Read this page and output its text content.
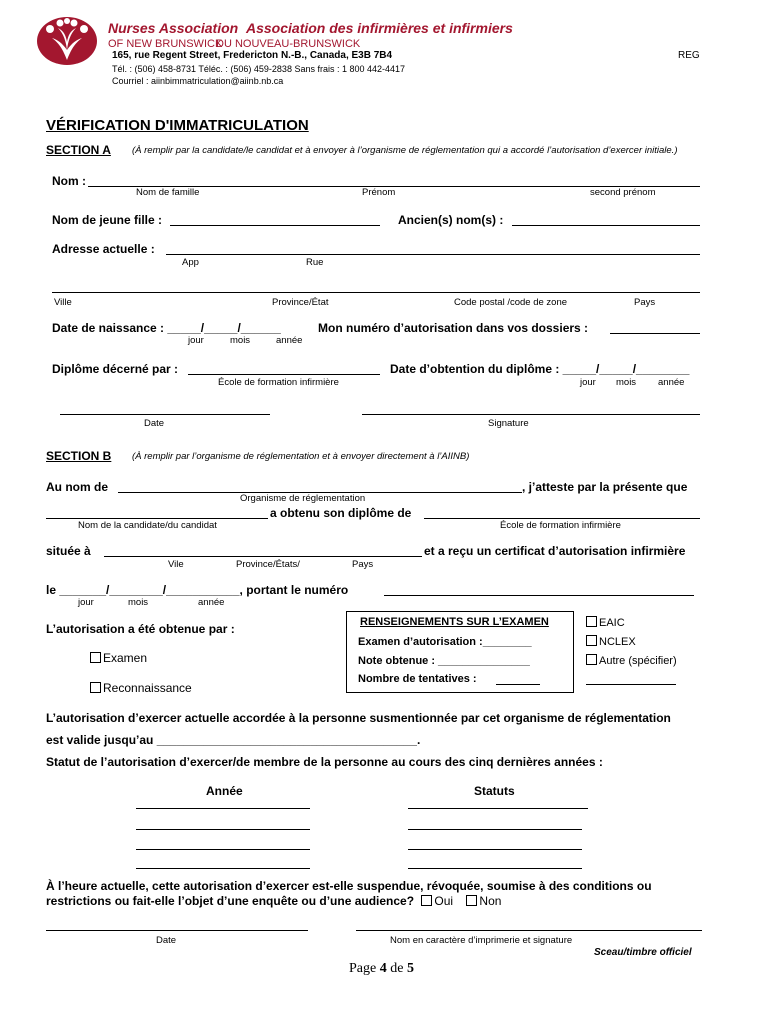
Nurses Association Association des infirmières et infirmiers
OF NEW BRUNSWICK
DU NOUVEAU-BRUNSWICK
165, rue Regent Street, Fredericton N.-B., Canada, E3B 7B4
Tél. : (506) 458-8731 Téléc. : (506) 459-2838 Sans frais : 1 800 442-4417
Courriel : aiinbimmatriculation@aiinb.nb.ca
REG
VÉRIFICATION D'IMMATRICULATION
SECTION A (À remplir par la candidate/le candidat et à envoyer à l’organisme de réglementation qui a accordé l’autorisation d’exercer initiale.)
Nom :
Nom de famille	Prénom	second prénom
Nom de jeune fille :	Ancien(s) nom(s) :
Adresse actuelle :
App	Rue
Ville	Province/État	Code postal /code de zone	Pays
Date de naissance : _____/_____/______
jour	mois	année
Mon numéro d’autorisation dans vos dossiers :
Diplôme décerné par :
École de formation infirmière
Date d’obtention du diplôme : _____/_____/________
jour mois année
Date	Signature
SECTION B (À remplir par l’organisme de réglementation et à envoyer directement à l’AIINB)
Au nom de	, j’atteste par la présente que
Organisme de réglementation
a obtenu son diplôme de
Nom de la candidate/du candidat	École de formation infirmière
située à	et a reçu un certificat d’autorisation infirmière
Vile	Province/États/	Pays
le _______/________/___________, portant le numéro
jour	mois	année
L’autorisation a été obtenue par :
Examen
Reconnaissance
RENSEIGNEMENTS SUR L’EXAMEN
Examen d’autorisation :________
Note obtenue : _______________
Nombre de tentatives :
EAIC
NCLEX
Autre (spécifier)
L’autorisation d’exercer actuelle accordée à la personne susmentionnée par cet organisme de réglementation
est valide jusqu’au _______________________________________.
Statut de l’autorisation d’exercer/de membre de la personne au cours des cinq dernières années :
Année	Statuts
À l’heure actuelle, cette autorisation d’exercer est-elle suspendue, révoquée, soumise à des conditions ou
restrictions ou fait-elle l’objet d’une enquête ou d’une audience? Oui Non
Date	Nom en caractère d’imprimerie et signature
Sceau/timbre officiel
Page 4 de 5
